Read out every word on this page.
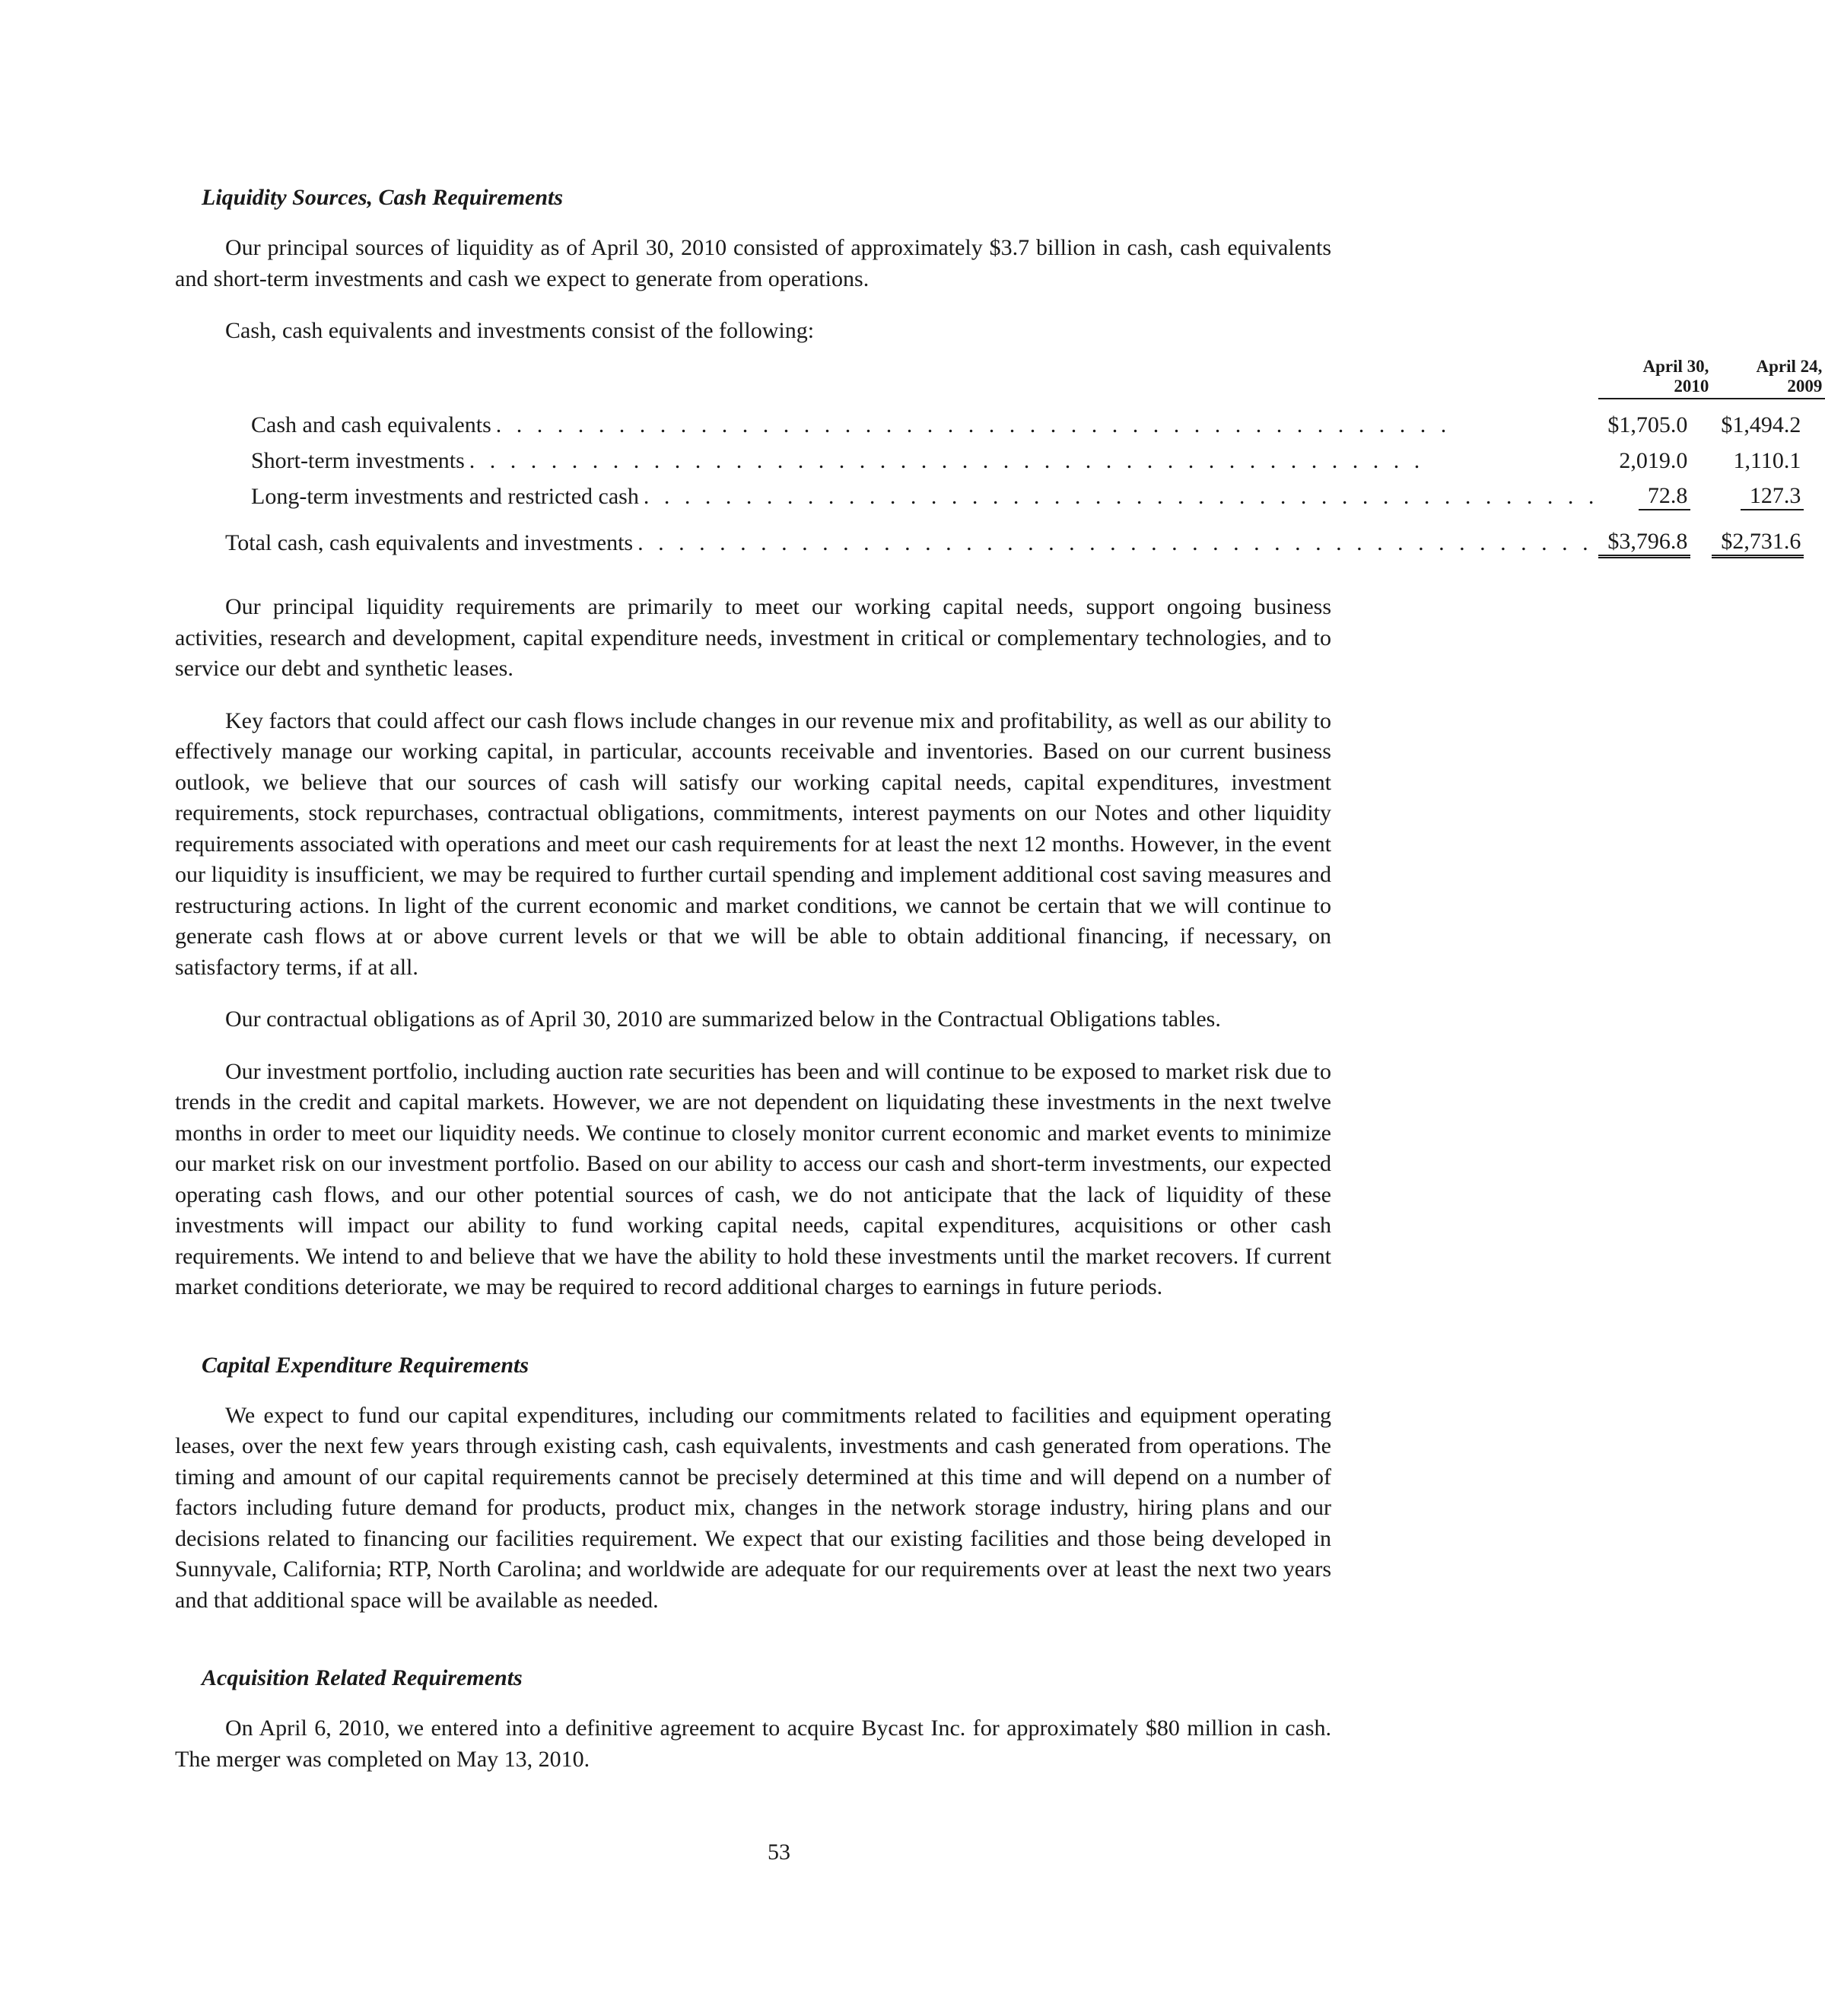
Liquidity Sources, Cash Requirements

Our principal sources of liquidity as of April 30, 2010 consisted of approximately $3.7 billion in cash, cash equivalents and short-term investments and cash we expect to generate from operations.

Cash, cash equivalents and investments consist of the following:

	April 30, 2010	April 24, 2009

Cash and cash equivalents . . . . . . . . . . . . . . . . . . . . . . . . . . . . . . . . . . . . . . . . . . . . . . .	$1,705.0	$1,494.2

Short-term investments . . . . . . . . . . . . . . . . . . . . . . . . . . . . . . . . . . . . . . . . . . . . . . .	2,019.0	1,110.1

Long-term investments and restricted cash . . . . . . . . . . . . . . . . . . . . . . . . . . . . . . . . . . . . . . . . . . . . . . .	72.8	127.3

Total cash, cash equivalents and investments . . . . . . . . . . . . . . . . . . . . . . . . . . . . . . . . . . . . . . . . . . . . . . .	$3,796.8	$2,731.6

Our principal liquidity requirements are primarily to meet our working capital needs, support ongoing business activities, research and development, capital expenditure needs, investment in critical or complementary technologies, and to service our debt and synthetic leases.

Key factors that could affect our cash flows include changes in our revenue mix and profitability, as well as our ability to effectively manage our working capital, in particular, accounts receivable and inventories. Based on our current business outlook, we believe that our sources of cash will satisfy our working capital needs, capital expenditures, investment requirements, stock repurchases, contractual obligations, commitments, interest payments on our Notes and other liquidity requirements associated with operations and meet our cash requirements for at least the next 12 months. However, in the event our liquidity is insufficient, we may be required to further curtail spending and implement additional cost saving measures and restructuring actions. In light of the current economic and market conditions, we cannot be certain that we will continue to generate cash flows at or above current levels or that we will be able to obtain additional financing, if necessary, on satisfactory terms, if at all.

Our contractual obligations as of April 30, 2010 are summarized below in the Contractual Obligations tables.

Our investment portfolio, including auction rate securities has been and will continue to be exposed to market risk due to trends in the credit and capital markets. However, we are not dependent on liquidating these investments in the next twelve months in order to meet our liquidity needs. We continue to closely monitor current economic and market events to minimize our market risk on our investment portfolio. Based on our ability to access our cash and short-term investments, our expected operating cash flows, and our other potential sources of cash, we do not anticipate that the lack of liquidity of these investments will impact our ability to fund working capital needs, capital expenditures, acquisitions or other cash requirements. We intend to and believe that we have the ability to hold these investments until the market recovers. If current market conditions deteriorate, we may be required to record additional charges to earnings in future periods.

Capital Expenditure Requirements

We expect to fund our capital expenditures, including our commitments related to facilities and equipment operating leases, over the next few years through existing cash, cash equivalents, investments and cash generated from operations. The timing and amount of our capital requirements cannot be precisely determined at this time and will depend on a number of factors including future demand for products, product mix, changes in the network storage industry, hiring plans and our decisions related to financing our facilities requirement. We expect that our existing facilities and those being developed in Sunnyvale, California; RTP, North Carolina; and worldwide are adequate for our requirements over at least the next two years and that additional space will be available as needed.

Acquisition Related Requirements

On April 6, 2010, we entered into a definitive agreement to acquire Bycast Inc. for approximately $80 million in cash. The merger was completed on May 13, 2010.

53
